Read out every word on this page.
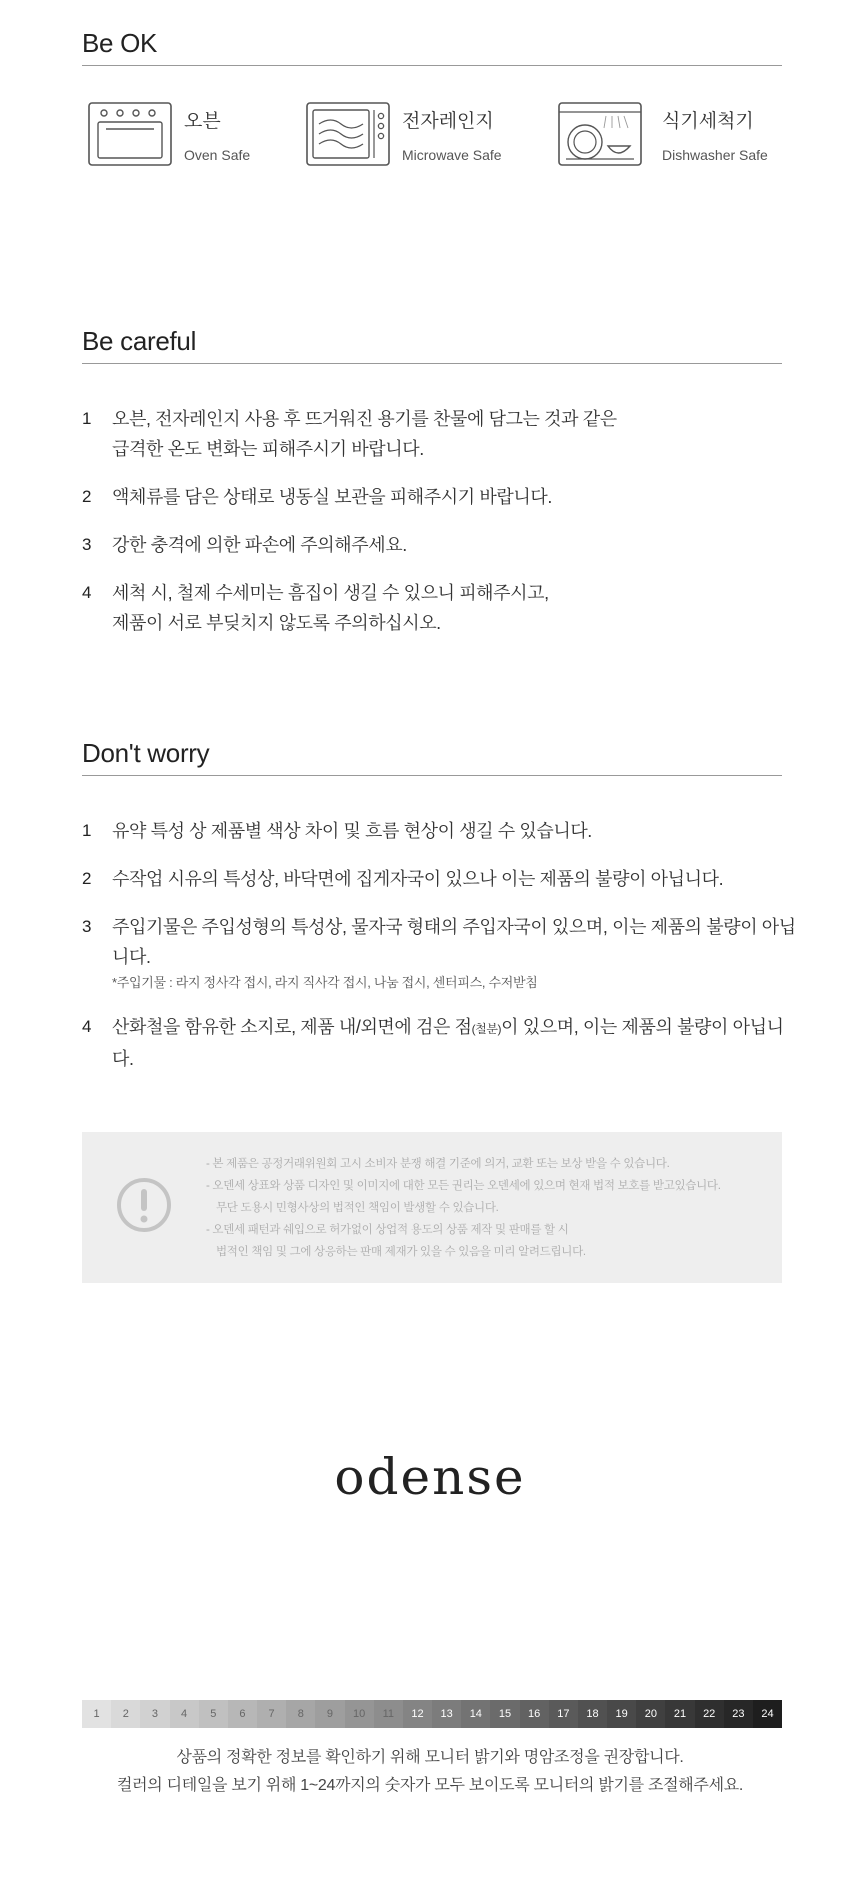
Be OK
오븐
Oven Safe
전자레인지
Microwave Safe
식기세척기
Dishwasher Safe
Be careful
1	오븐, 전자레인지 사용 후 뜨거워진 용기를 찬물에 담그는 것과 같은
급격한 온도 변화는 피해주시기 바랍니다.
2	액체류를 담은 상태로 냉동실 보관을 피해주시기 바랍니다.
3	강한 충격에 의한 파손에 주의해주세요.
4	세척 시, 철제 수세미는 흠집이 생길 수 있으니 피해주시고,
제품이 서로 부딪치지 않도록 주의하십시오.
Don't worry
1	유약 특성 상 제품별 색상 차이 및 흐름 현상이 생길 수 있습니다.
2	수작업 시유의 특성상, 바닥면에 집게자국이 있으나 이는 제품의 불량이 아닙니다.
3	주입기물은 주입성형의 특성상, 물자국 형태의 주입자국이 있으며, 이는 제품의 불량이 아닙니다.
*주입기물 : 라지 정사각 접시, 라지 직사각 접시, 나눔 접시, 센터피스, 수저받침
4	산화철을 함유한 소지로, 제품 내/외면에 검은 점(철분)이 있으며, 이는 제품의 불량이 아닙니다.
- 본 제품은 공정거래위원회 고시 소비자 분쟁 해결 기준에 의거, 교환 또는 보상 받을 수 있습니다.
- 오덴세 상표와 상품 디자인 및 이미지에 대한 모든 권리는 오덴세에 있으며 현재 법적 보호를 받고있습니다.
무단 도용시 민형사상의 법적인 책임이 발생할 수 있습니다.
- 오덴세 패턴과 쉐입으로 허가없이 상업적 용도의 상품 제작 및 판매를 할 시
법적인 책임 및 그에 상응하는 판매 제재가 있을 수 있음을 미리 알려드립니다.
odense
1	2	3	4	5	6	7	8	9	10	11	12	13	14	15	16	17	18	19	20	21	22	23	24
상품의 정확한 정보를 확인하기 위해 모니터 밝기와 명암조정을 권장합니다.
컬러의 디테일을 보기 위해 1~24까지의 숫자가 모두 보이도록 모니터의 밝기를 조절해주세요.
